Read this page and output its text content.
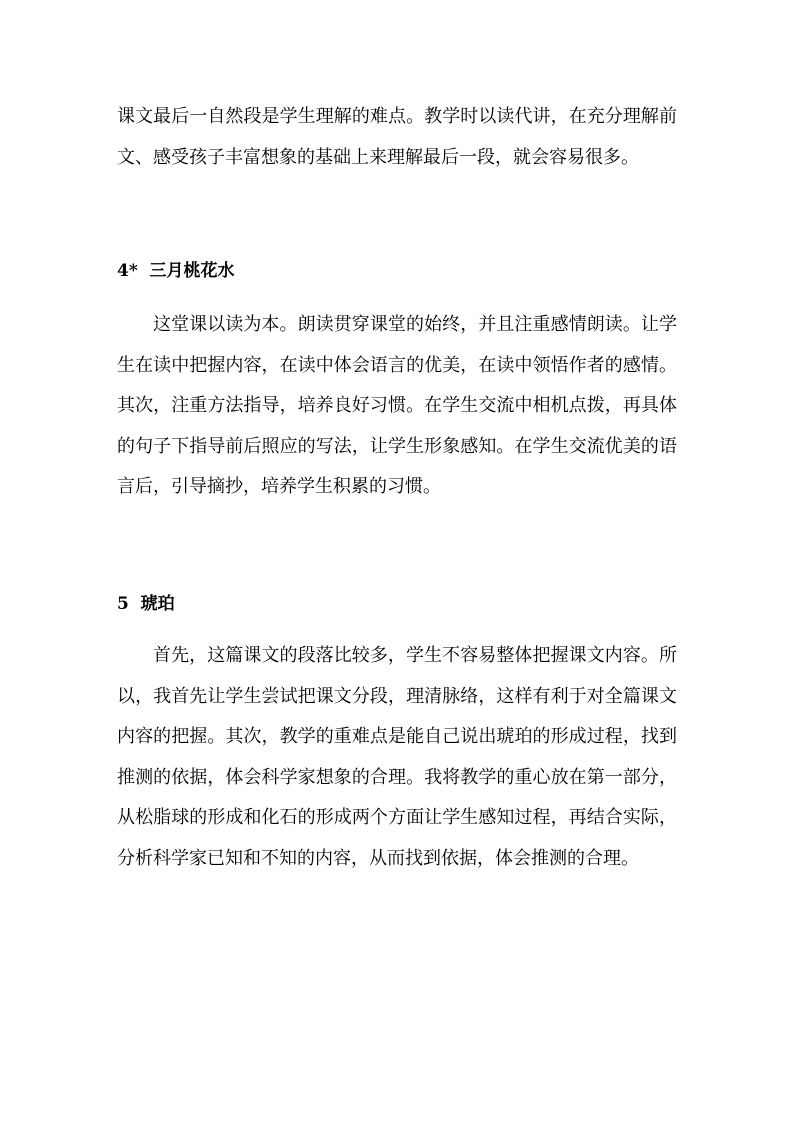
课文最后一自然段是学生理解的难点。教学时以读代讲，在充分理解前文、感受孩子丰富想象的基础上来理解最后一段，就会容易很多。

4*  三月桃花水

这堂课以读为本。朗读贯穿课堂的始终，并且注重感情朗读。让学生在读中把握内容，在读中体会语言的优美，在读中领悟作者的感情。其次，注重方法指导，培养良好习惯。在学生交流中相机点拨，再具体的句子下指导前后照应的写法，让学生形象感知。在学生交流优美的语言后，引导摘抄，培养学生积累的习惯。

5  琥珀

首先，这篇课文的段落比较多，学生不容易整体把握课文内容。所以，我首先让学生尝试把课文分段，理清脉络，这样有利于对全篇课文内容的把握。其次，教学的重难点是能自己说出琥珀的形成过程，找到推测的依据，体会科学家想象的合理。我将教学的重心放在第一部分，从松脂球的形成和化石的形成两个方面让学生感知过程，再结合实际，分析科学家已知和不知的内容，从而找到依据，体会推测的合理。
